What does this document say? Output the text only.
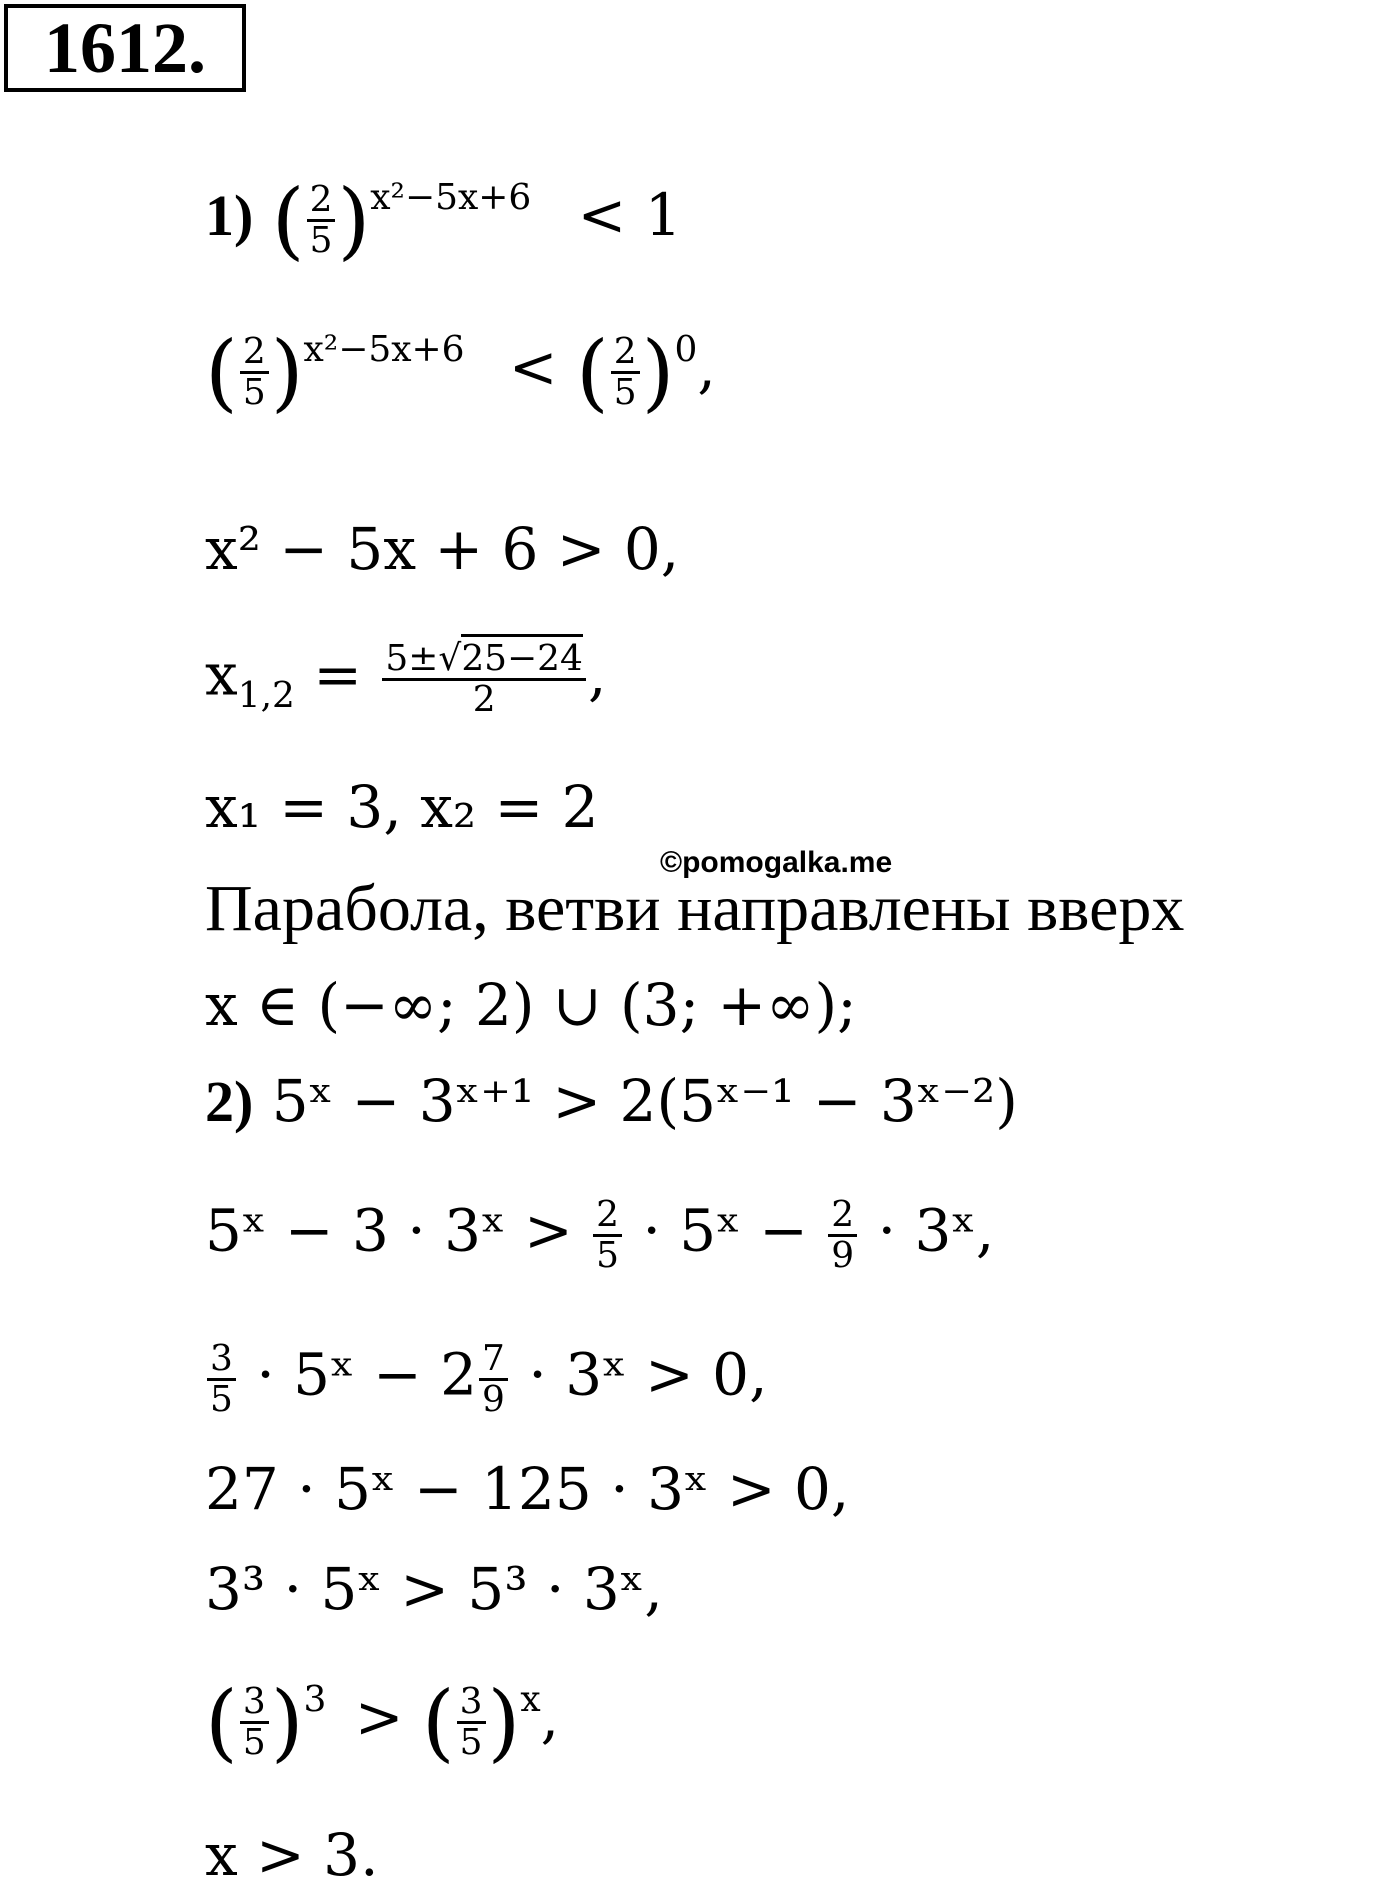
1612.
1) ( $\frac{2}{5} )^{x^2-5x+6} < 1$
( $\frac{2}{5} )^{x^2-5x+6}$ < ( $\frac{2}{5} )^0$,
x² − 5x + 6 > 0,
$x_{1,2} = \frac{5\pm√25-24}{2}$ ,
x₁ = 3, x₂ = 2
©pomogalka.me
Парабола, ветви направлены вверх
x ∈ (−∞; 2) ∪ (3; +∞);
2) 5ˣ − 3ˣ⁺¹ > 2(5ˣ⁻¹ − 3ˣ⁻²)
5ˣ − 3 · 3ˣ > $\frac{2}{5}$ · 5ˣ − $\frac{2}{9}$ · 3ˣ,
$\frac{3}{5}$ · 5ˣ − $2 \frac{7}{9}$ · 3ˣ > 0,
27 · 5ˣ − 125 · 3ˣ > 0,
3³ · 5ˣ > 5³ · 3ˣ,
( $\frac{3}{5} )^3$ > ( $\frac{3}{5} )^x$,
x > 3.
